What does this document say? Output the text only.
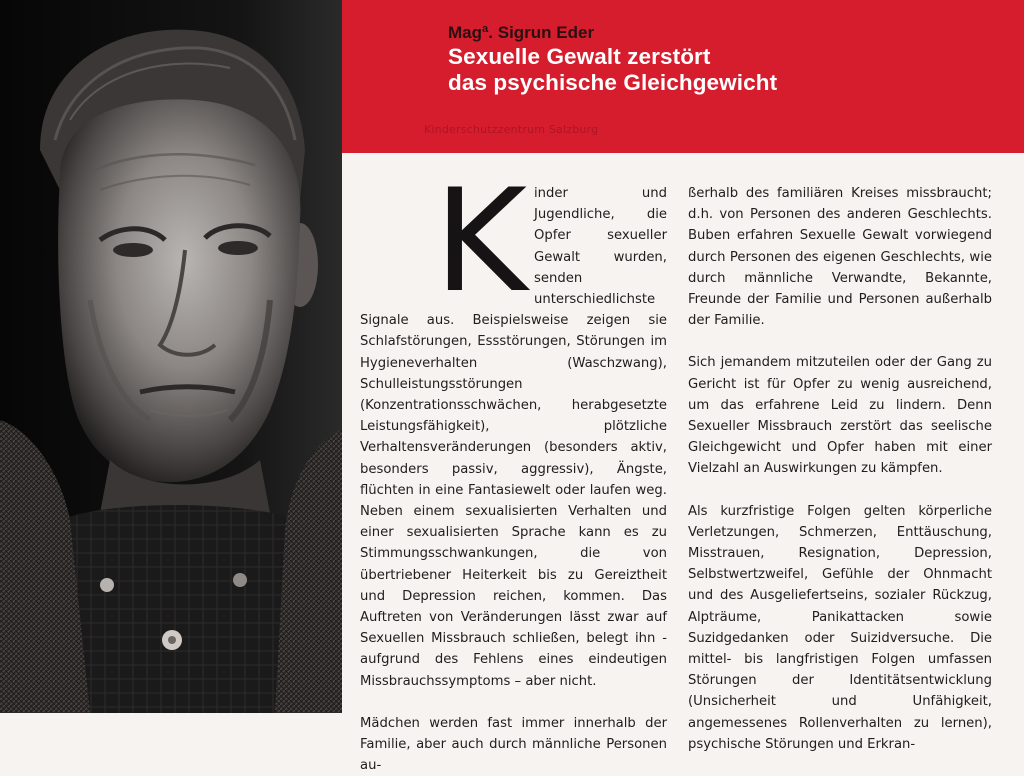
Magª. Sigrun Eder

Sexuelle Gewalt zerstört
das psychische Gleichgewicht
Kinderschutzzentrum Salzburg
K inder und Jugendliche, die Opfer sexueller Gewalt wurden, senden unterschiedlichste Signale aus. Beispielsweise zeigen sie Schlafstörungen, Essstörungen, Störungen im Hygieneverhalten (Waschzwang), Schulleistungsstörungen (Konzentrationsschwächen, herabgesetzte Leistungsfähigkeit), plötzliche Verhaltensveränderungen (besonders aktiv, besonders passiv, aggressiv), Ängste, flüchten in eine Fantasiewelt oder laufen weg. Neben einem sexualisierten Verhalten und einer sexualisierten Sprache kann es zu Stimmungsschwankungen, die von übertriebener Heiterkeit bis zu Gereiztheit und Depression reichen, kommen. Das Auftreten von Veränderungen lässt zwar auf Sexuellen Missbrauch schließen, belegt ihn - aufgrund des Fehlens eines eindeutigen Missbrauchssymptoms – aber nicht.

Mädchen werden fast immer innerhalb der Familie, aber auch durch männliche Personen au-

ßerhalb des familiären Kreises missbraucht; d.h. von Personen des anderen Geschlechts. Buben erfahren Sexuelle Gewalt vorwiegend durch Personen des eigenen Geschlechts, wie durch männliche Verwandte, Bekannte, Freunde der Familie und Personen außerhalb der Familie.

Sich jemandem mitzuteilen oder der Gang zu Gericht ist für Opfer zu wenig ausreichend, um das erfahrene Leid zu lindern. Denn Sexueller Missbrauch zerstört das seelische Gleichgewicht und Opfer haben mit einer Vielzahl an Auswirkungen zu kämpfen.

Als kurzfristige Folgen gelten körperliche Verletzungen, Schmerzen, Enttäuschung, Misstrauen, Resignation, Depression, Selbstwertzweifel, Gefühle der Ohnmacht und des Ausgeliefertseins, sozialer Rückzug, Alpträume, Panikattacken sowie Suzidgedanken oder Suizidversuche. Die mittel- bis langfristigen Folgen umfassen Störungen der Identitätsentwicklung (Unsicherheit und Unfähigkeit, angemessenes Rollenverhalten zu lernen), psychische Störungen und Erkran-
